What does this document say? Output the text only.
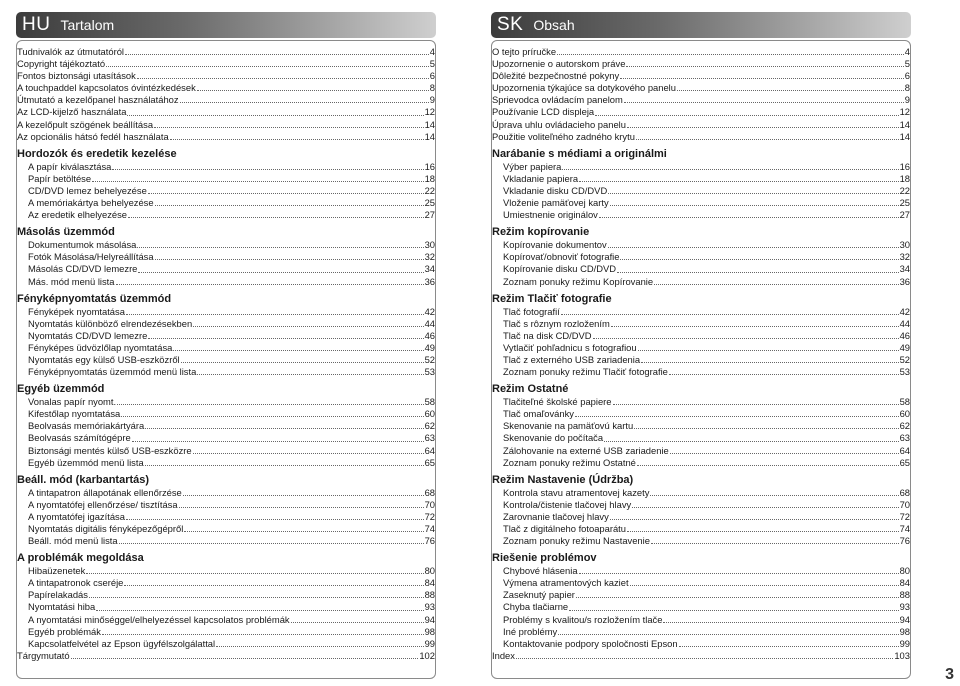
HU Tartalom
Tudnivalók az útmutatóról	4
Copyright tájékoztató	5
Fontos biztonsági utasítások	6
A touchpaddel kapcsolatos óvintézkedések	8
Útmutató a kezelőpanel használatához	9
Az LCD-kijelző használata	12
A kezelőpult szögének beállítása	14
Az opcionális hátsó fedél használata	14
Hordozók és eredetik kezelése
A papír kiválasztása	16
Papír betöltése	18
CD/DVD lemez behelyezése	22
A memóriakártya behelyezése	25
Az eredetik elhelyezése	27
Másolás üzemmód
Dokumentumok másolása	30
Fotók Másolása/Helyreállítása	32
Másolás CD/DVD lemezre	34
Más. mód menü lista	36
Fényképnyomtatás üzemmód
Fényképek nyomtatása	42
Nyomtatás különböző elrendezésekben	44
Nyomtatás CD/DVD lemezre	46
Fényképes üdvözlőlap nyomtatása	49
Nyomtatás egy külső USB-eszközről	52
Fényképnyomtatás üzemmód menü lista	53
Egyéb üzemmód
Vonalas papír nyomt.	58
Kifestőlap nyomtatása	60
Beolvasás memóriakártyára	62
Beolvasás számítógépre	63
Biztonsági mentés külső USB-eszközre	64
Egyéb üzemmód menü lista	65
Beáll. mód (karbantartás)
A tintapatron állapotának ellenőrzése	68
A nyomtatófej ellenőrzése/ tisztítása	70
A nyomtatófej igazítása	72
Nyomtatás digitális fényképezőgépről	74
Beáll. mód menü lista	76
A problémák megoldása
Hibaüzenetek	80
A tintapatronok cseréje	84
Papírelakadás	88
Nyomtatási hiba	93
A nyomtatási minőséggel/elhelyezéssel kapcsolatos problémák	94
Egyéb problémák	98
Kapcsolatfelvétel az Epson ügyfélszolgálattal	99
Tárgymutató	102
SK Obsah
O tejto príručke	4
Upozornenie o autorskom práve	5
Dôležité bezpečnostné pokyny	6
Upozornenia týkajúce sa dotykového panelu	8
Sprievodca ovládacím panelom	9
Používanie LCD displeja	12
Úprava uhlu ovládacieho panelu	14
Použitie voliteľného zadného krytu	14
Narábanie s médiami a originálmi
Výber papiera	16
Vkladanie papiera	18
Vkladanie disku CD/DVD	22
Vloženie pamäťovej karty	25
Umiestnenie originálov	27
Režim kopírovanie
Kopírovanie dokumentov	30
Kopírovať/obnoviť fotografie	32
Kopírovanie disku CD/DVD	34
Zoznam ponuky režimu Kopírovanie	36
Režim Tlačiť fotografie
Tlač fotografií	42
Tlač s rôznym rozložením	44
Tlač na disk CD/DVD	46
Vytlačiť pohľadnicu s fotografiou	49
Tlač z externého USB zariadenia	52
Zoznam ponuky režimu Tlačiť fotografie	53
Režim Ostatné
Tlačiteľné školské papiere	58
Tlač omaľovánky	60
Skenovanie na pamäťovú kartu	62
Skenovanie do počítača	63
Zálohovanie na externé USB zariadenie	64
Zoznam ponuky režimu Ostatné	65
Režim Nastavenie (Údržba)
Kontrola stavu atramentovej kazety	68
Kontrola/čistenie tlačovej hlavy	70
Zarovnanie tlačovej hlavy	72
Tlač z digitálneho fotoaparátu	74
Zoznam ponuky režimu Nastavenie	76
Riešenie problémov
Chybové hlásenia	80
Výmena atramentových kaziet	84
Zaseknutý papier	88
Chyba tlačiarne	93
Problémy s kvalitou/s rozložením tlače	94
Iné problémy	98
Kontaktovanie podpory spoločnosti Epson	99
Index	103
3
